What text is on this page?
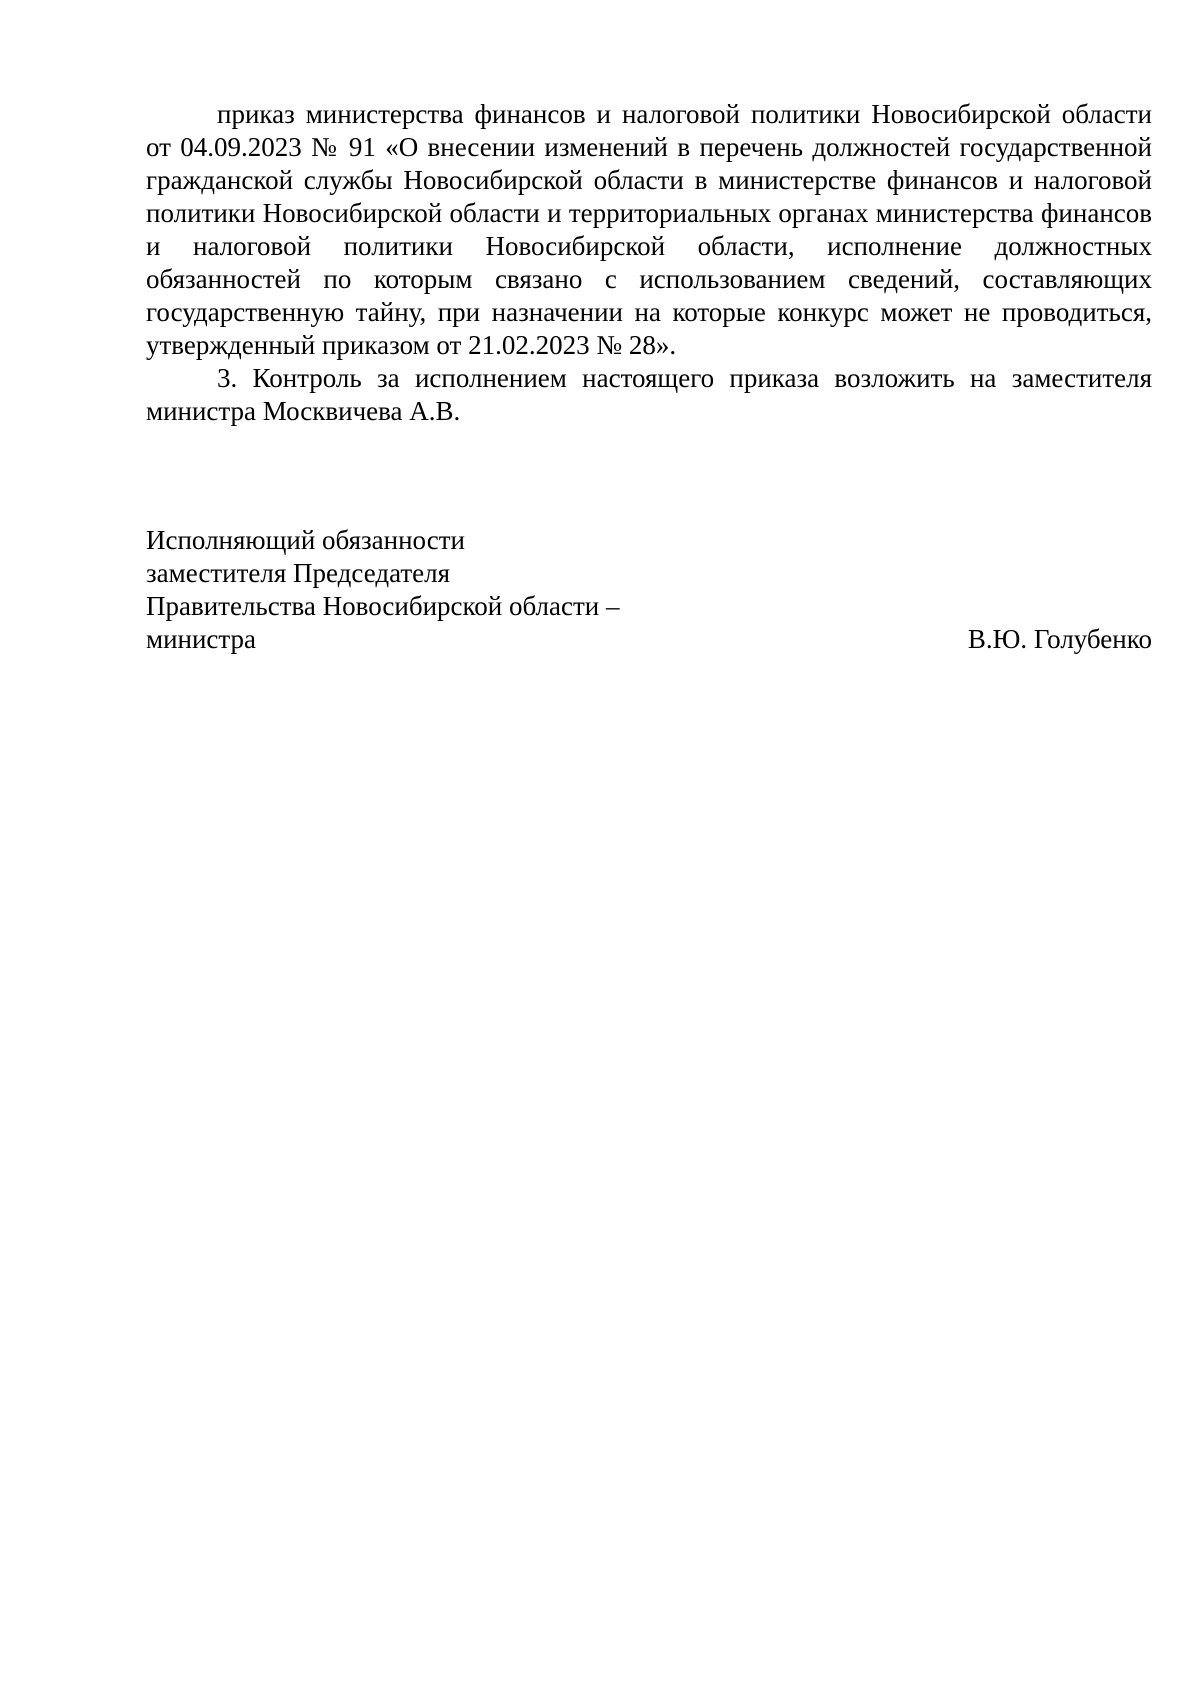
приказ министерства финансов и налоговой политики Новосибирской области от 04.09.2023 № 91 «О внесении изменений в перечень должностей государственной гражданской службы Новосибирской области в министерстве финансов и налоговой политики Новосибирской области и территориальных органах министерства финансов и налоговой политики Новосибирской области, исполнение должностных обязанностей по которым связано с использованием сведений, составляющих государственную тайну, при назначении на которые конкурс может не проводиться, утвержденный приказом от 21.02.2023 № 28».

3. Контроль за исполнением настоящего приказа возложить на заместителя министра Москвичева А.В.

Исполняющий обязанности
заместителя Председателя
Правительства Новосибирской области –
министра	В.Ю. Голубенко
